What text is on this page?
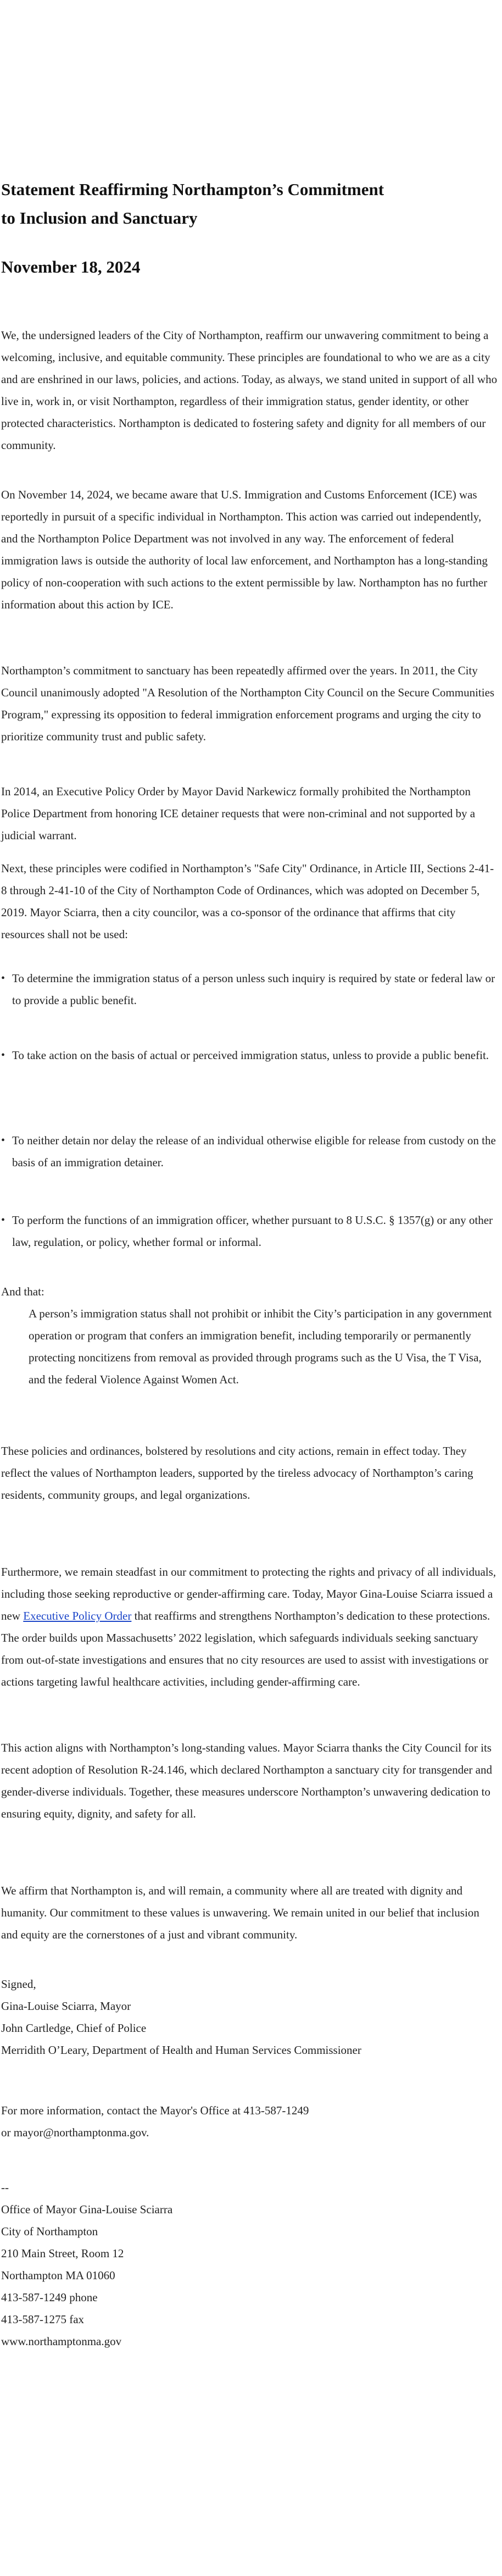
Statement Reaffirming Northampton’s Commitment
to Inclusion and Sanctuary
November 18, 2024

We, the undersigned leaders of the City of Northampton, reaffirm our unwavering commitment to being a welcoming, inclusive, and equitable community. These principles are foundational to who we are as a city and are enshrined in our laws, policies, and actions. Today, as always, we stand united in support of all who live in, work in, or visit Northampton, regardless of their immigration status, gender identity, or other protected characteristics. Northampton is dedicated to fostering safety and dignity for all members of our community.

On November 14, 2024, we became aware that U.S. Immigration and Customs Enforcement (ICE) was reportedly in pursuit of a specific individual in Northampton. This action was carried out independently, and the Northampton Police Department was not involved in any way. The enforcement of federal immigration laws is outside the authority of local law enforcement, and Northampton has a long-standing policy of non-cooperation with such actions to the extent permissible by law. Northampton has no further information about this action by ICE.

Northampton’s commitment to sanctuary has been repeatedly affirmed over the years. In 2011, the City Council unanimously adopted "A Resolution of the Northampton City Council on the Secure Communities Program," expressing its opposition to federal immigration enforcement programs and urging the city to prioritize community trust and public safety.

In 2014, an Executive Policy Order by Mayor David Narkewicz formally prohibited the Northampton Police Department from honoring ICE detainer requests that were non-criminal and not supported by a judicial warrant.

Next, these principles were codified in Northampton’s "Safe City" Ordinance, in Article III, Sections 2-41-8 through 2-41-10 of the City of Northampton Code of Ordinances, which was adopted on December 5, 2019. Mayor Sciarra, then a city councilor, was a co-sponsor of the ordinance that affirms that city resources shall not be used:

• To determine the immigration status of a person unless such inquiry is required by state or federal law or to provide a public benefit.
• To take action on the basis of actual or perceived immigration status, unless to provide a public benefit.
• To neither detain nor delay the release of an individual otherwise eligible for release from custody on the basis of an immigration detainer.
• To perform the functions of an immigration officer, whether pursuant to 8 U.S.C. § 1357(g) or any other law, regulation, or policy, whether formal or informal.
And that:
A person’s immigration status shall not prohibit or inhibit the City’s participation in any government operation or program that confers an immigration benefit, including temporarily or permanently protecting noncitizens from removal as provided through programs such as the U Visa, the T Visa, and the federal Violence Against Women Act.

These policies and ordinances, bolstered by resolutions and city actions, remain in effect today. They reflect the values of Northampton leaders, supported by the tireless advocacy of Northampton’s caring residents, community groups, and legal organizations.

Furthermore, we remain steadfast in our commitment to protecting the rights and privacy of all individuals, including those seeking reproductive or gender-affirming care. Today, Mayor Gina-Louise Sciarra issued a new Executive Policy Order that reaffirms and strengthens Northampton’s dedication to these protections. The order builds upon Massachusetts’ 2022 legislation, which safeguards individuals seeking sanctuary from out-of-state investigations and ensures that no city resources are used to assist with investigations or actions targeting lawful healthcare activities, including gender-affirming care.

This action aligns with Northampton’s long-standing values. Mayor Sciarra thanks the City Council for its recent adoption of Resolution R-24.146, which declared Northampton a sanctuary city for transgender and gender-diverse individuals. Together, these measures underscore Northampton’s unwavering dedication to ensuring equity, dignity, and safety for all.

We affirm that Northampton is, and will remain, a community where all are treated with dignity and humanity. Our commitment to these values is unwavering. We remain united in our belief that inclusion and equity are the cornerstones of a just and vibrant community.

Signed,
Gina-Louise Sciarra, Mayor
John Cartledge, Chief of Police
Merridith O’Leary, Department of Health and Human Services Commissioner
For more information, contact the Mayor's Office at 413-587-1249
or mayor@northamptonma.gov.
--
Office of Mayor Gina-Louise Sciarra
City of Northampton
210 Main Street, Room 12
Northampton MA 01060
413-587-1249 phone
413-587-1275 fax
www.northamptonma.gov
